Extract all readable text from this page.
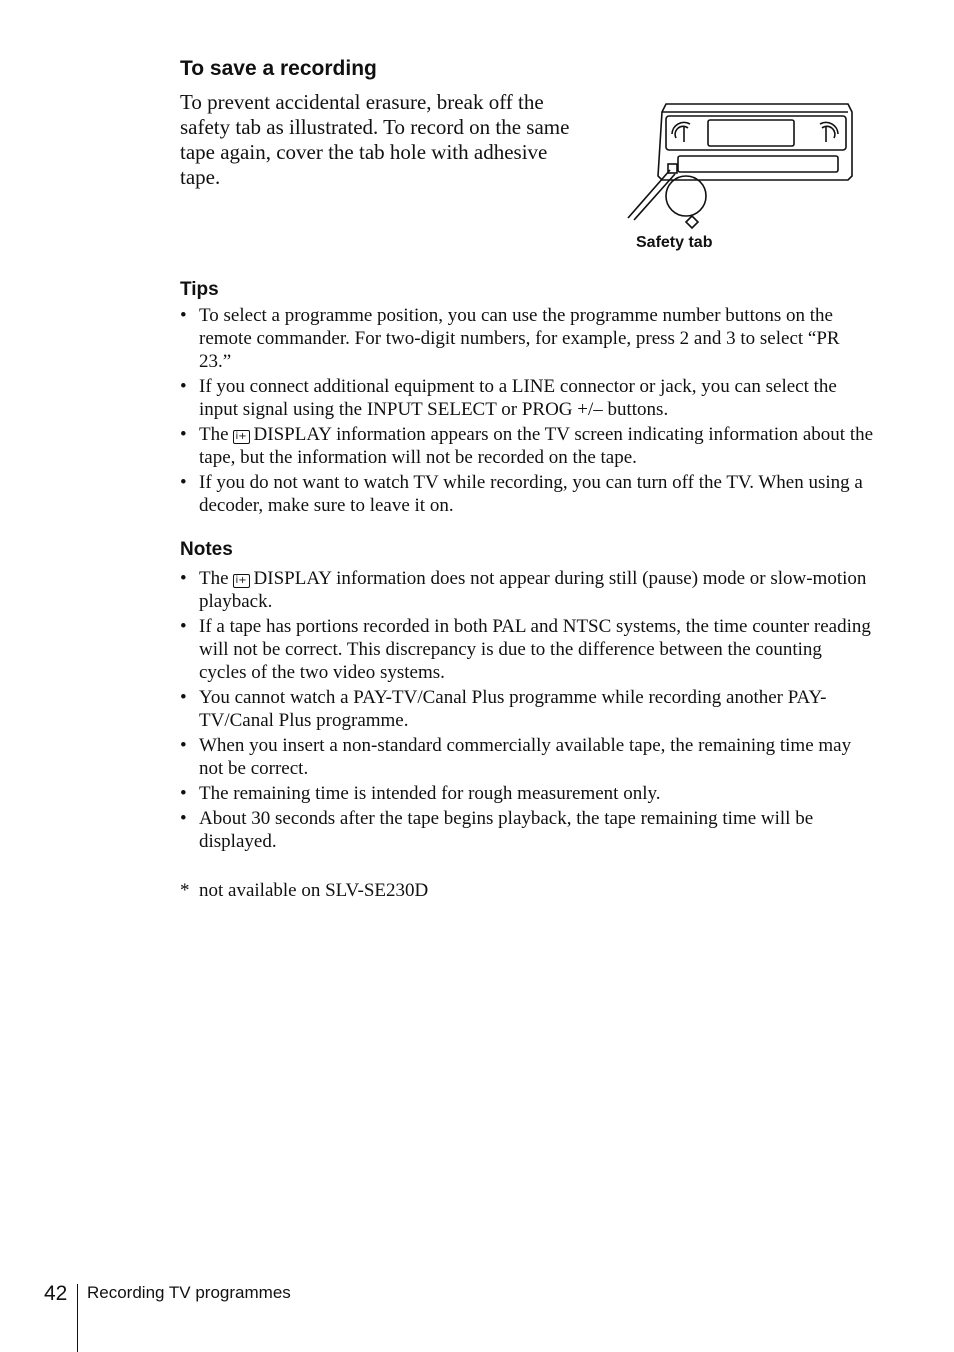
To save a recording
To prevent accidental erasure, break off the safety tab as illustrated. To record on the same tape again, cover the tab hole with adhesive tape.
Safety tab
Tips
• To select a programme position, you can use the programme number buttons on the remote commander. For two-digit numbers, for example, press 2 and 3 to select “PR 23.”
• If you connect additional equipment to a LINE connector or jack, you can select the input signal using the INPUT SELECT or PROG +/– buttons.
• The i+ DISPLAY information appears on the TV screen indicating information about the tape, but the information will not be recorded on the tape.
• If you do not want to watch TV while recording, you can turn off the TV. When using a decoder, make sure to leave it on.
Notes
• The i+ DISPLAY information does not appear during still (pause) mode or slow-motion playback.
• If a tape has portions recorded in both PAL and NTSC systems, the time counter reading will not be correct. This discrepancy is due to the difference between the counting cycles of the two video systems.
• You cannot watch a PAY-TV/Canal Plus programme while recording another PAY-TV/Canal Plus programme.
• When you insert a non-standard commercially available tape, the remaining time may not be correct.
• The remaining time is intended for rough measurement only.
• About 30 seconds after the tape begins playback, the tape remaining time will be displayed.
* not available on SLV-SE230D
42 Recording TV programmes
